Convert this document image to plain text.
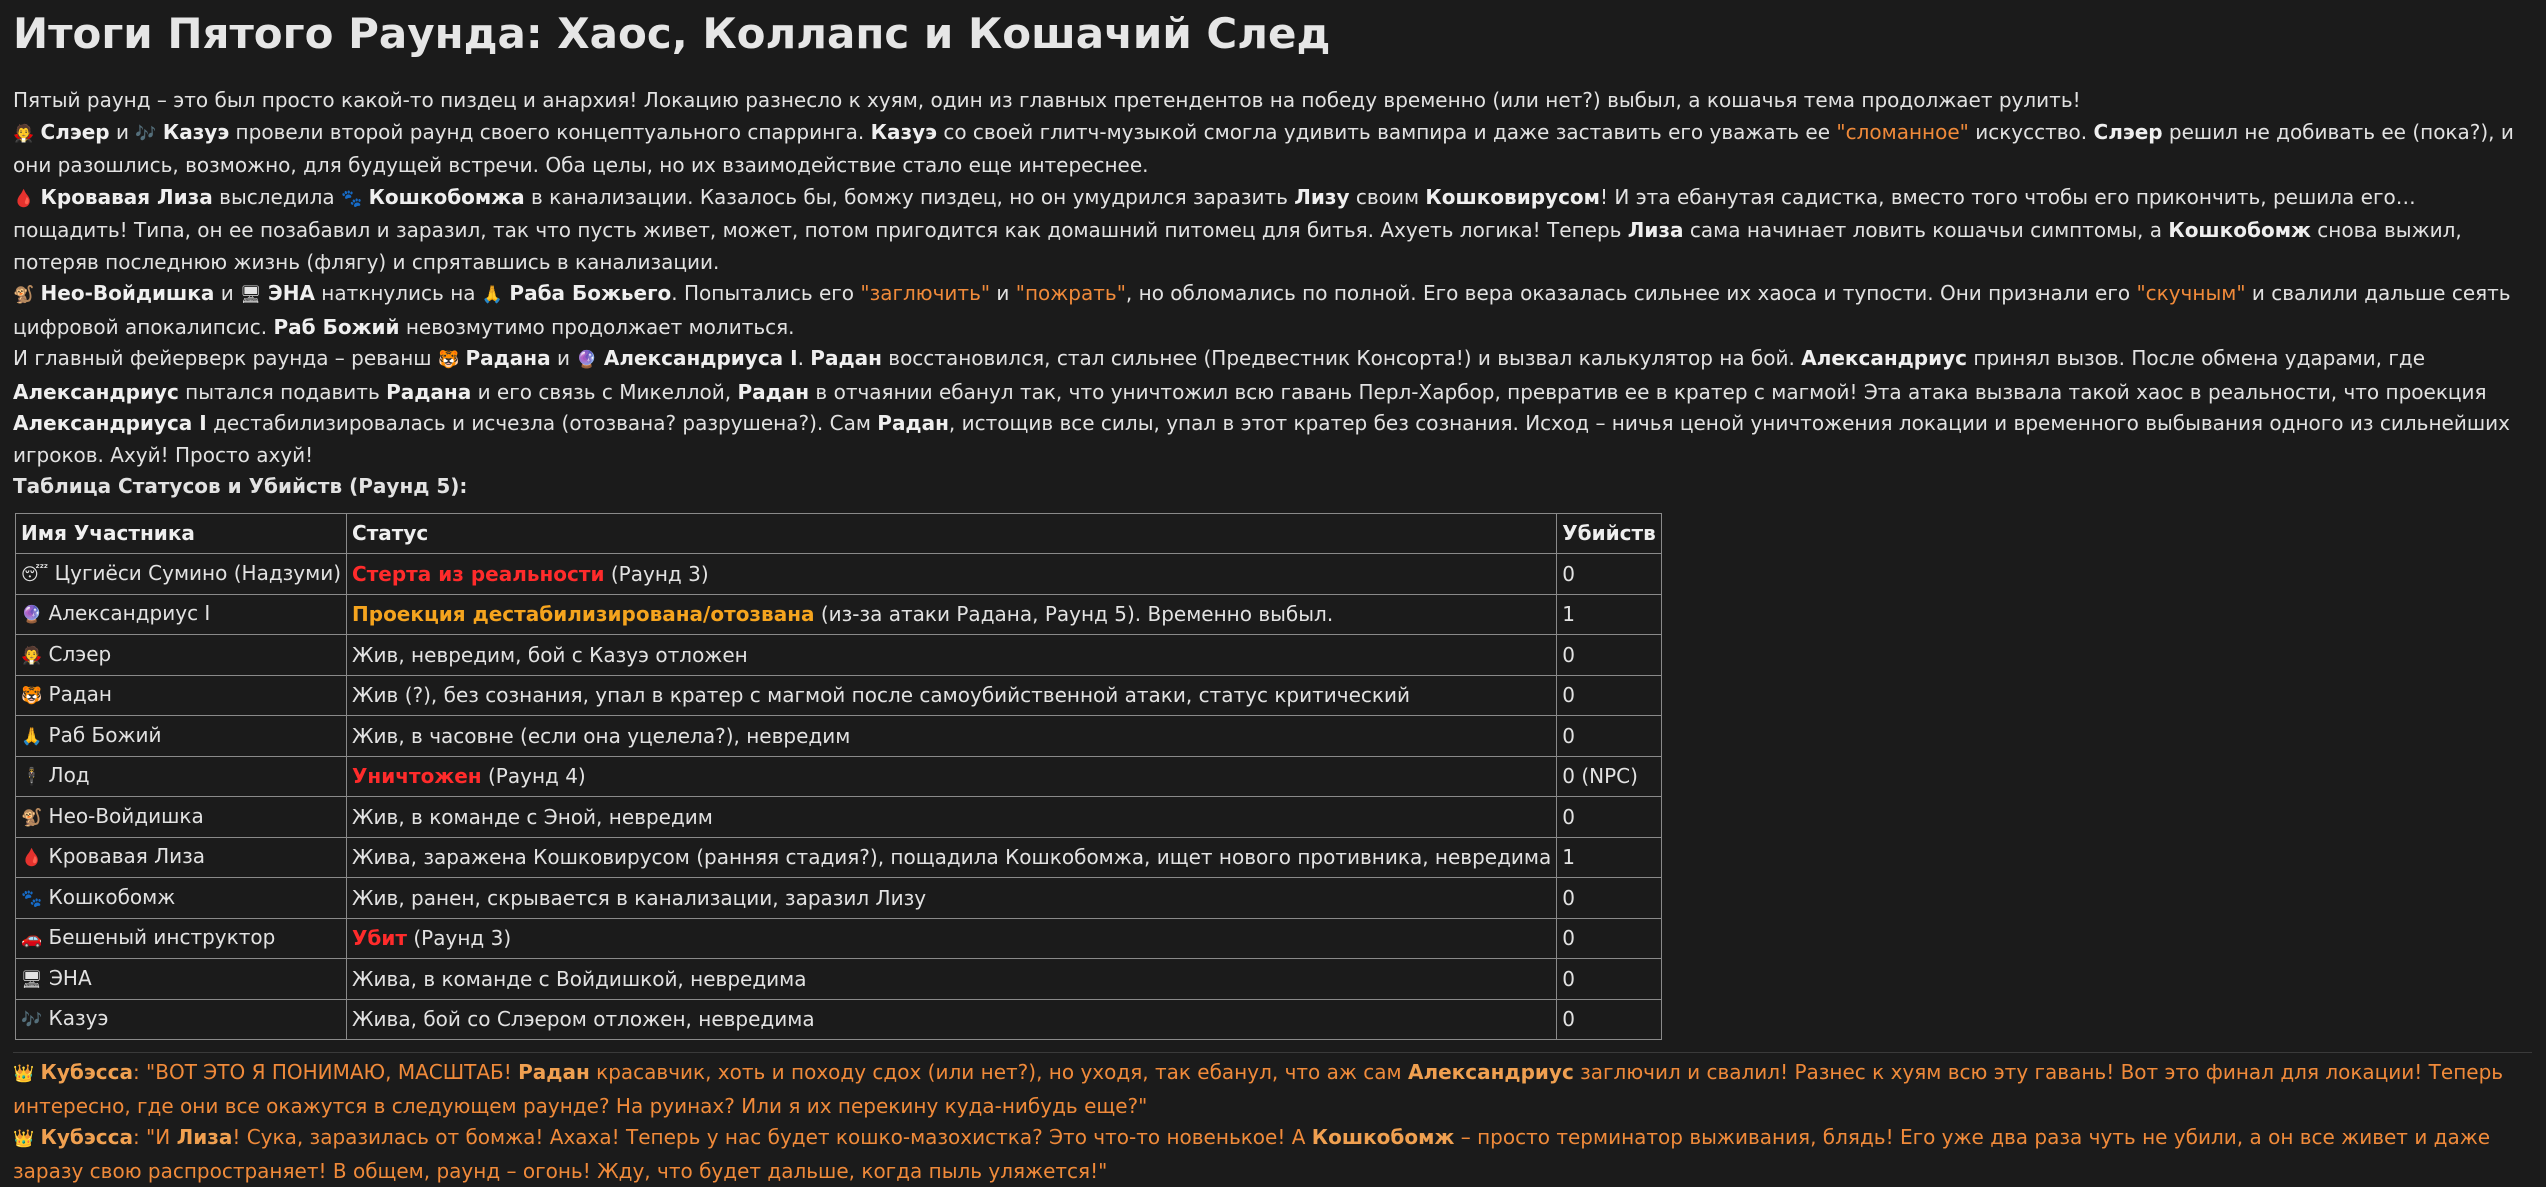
Итоги Пятого Раунда: Хаос, Коллапс и Кошачий След

Пятый раунд – это был просто какой-то пиздец и анархия! Локацию разнесло к хуям, один из главных претендентов на победу временно (или нет?) выбыл, а кошачья тема продолжает рулить!

🧛 Слэер и 🎶 Казуэ провели второй раунд своего концептуального спарринга. Казуэ со своей глитч-музыкой смогла удивить вампира и даже заставить его уважать ее "сломанное" искусство. Слэер решил не добивать ее (пока?), и они разошлись, возможно, для будущей встречи. Оба целы, но их взаимодействие стало еще интереснее.

🩸 Кровавая Лиза выследила 🐾 Кошкобомжа в канализации. Казалось бы, бомжу пиздец, но он умудрился заразить Лизу своим Кошковирусом! И эта ебанутая садистка, вместо того чтобы его прикончить, решила его… пощадить! Типа, он ее позабавил и заразил, так что пусть живет, может, потом пригодится как домашний питомец для битья. Ахуеть логика! Теперь Лиза сама начинает ловить кошачьи симптомы, а Кошкобомж снова выжил, потеряв последнюю жизнь (флягу) и спрятавшись в канализации.

🐒 Нео-Войдишка и 🖥 ЭНА наткнулись на 🙏 Раба Божьего. Попытались его "заглючить" и "пожрать", но обломались по полной. Его вера оказалась сильнее их хаоса и тупости. Они признали его "скучным" и свалили дальше сеять цифровой апокалипсис. Раб Божий невозмутимо продолжает молиться.

И главный фейерверк раунда – реванш 🐯 Радана и 🔮 Александриуса I. Радан восстановился, стал сильнее (Предвестник Консорта!) и вызвал калькулятор на бой. Александриус принял вызов. После обмена ударами, где Александриус пытался подавить Радана и его связь с Микеллой, Радан в отчаянии ебанул так, что уничтожил всю гавань Перл-Харбор, превратив ее в кратер с магмой! Эта атака вызвала такой хаос в реальности, что проекция Александриуса I дестабилизировалась и исчезла (отозвана? разрушена?). Сам Радан, истощив все силы, упал в этот кратер без сознания. Исход – ничья ценой уничтожения локации и временного выбывания одного из сильнейших игроков. Ахуй! Просто ахуй!

Таблица Статусов и Убийств (Раунд 5):

Имя Участника	Статус	Убийств
😴 Цугиёси Сумино (Надзуми)	Стерта из реальности (Раунд 3)	0
🔮 Александриус I	Проекция дестабилизирована/отозвана (из-за атаки Радана, Раунд 5). Временно выбыл.	1
🧛 Слэер	Жив, невредим, бой с Казуэ отложен	0
🐯 Радан	Жив (?), без сознания, упал в кратер с магмой после самоубийственной атаки, статус критический	0
🙏 Раб Божий	Жив, в часовне (если она уцелела?), невредим	0
🕴 Лод	Уничтожен (Раунд 4)	0 (NPC)
🐒 Нео-Войдишка	Жив, в команде с Эной, невредим	0
🩸 Кровавая Лиза	Жива, заражена Кошковирусом (ранняя стадия?), пощадила Кошкобомжа, ищет нового противника, невредима	1
🐾 Кошкобомж	Жив, ранен, скрывается в канализации, заразил Лизу	0
🚗 Бешеный инструктор	Убит (Раунд 3)	0
🖥 ЭНА	Жива, в команде с Войдишкой, невредима	0
🎶 Казуэ	Жива, бой со Слэером отложен, невредима	0

👑 Кубэсса: "ВОТ ЭТО Я ПОНИМАЮ, МАСШТАБ! Радан красавчик, хоть и походу сдох (или нет?), но уходя, так ебанул, что аж сам Александриус заглючил и свалил! Разнес к хуям всю эту гавань! Вот это финал для локации! Теперь интересно, где они все окажутся в следующем раунде? На руинах? Или я их перекину куда-нибудь еще?"

👑 Кубэсса: "И Лиза! Сука, заразилась от бомжа! Ахаха! Теперь у нас будет кошко-мазохистка? Это что-то новенькое! А Кошкобомж – просто терминатор выживания, блядь! Его уже два раза чуть не убили, а он все живет и даже заразу свою распространяет! В общем, раунд – огонь! Жду, что будет дальше, когда пыль уляжется!"
